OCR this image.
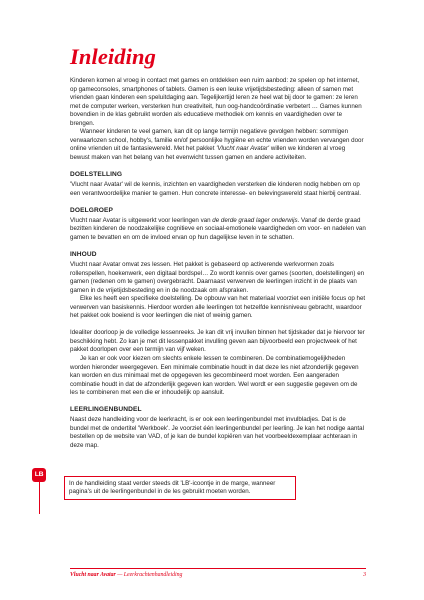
Inleiding

Kinderen komen al vroeg in contact met games en ontdekken een ruim aanbod: ze spelen op het internet, op gameconsoles, smartphones of tablets. Gamen is een leuke vrijetijdsbesteding: alleen of samen met vrienden gaan kinderen een speluitdaging aan. Tegelijkertijd leren ze heel wat bij door te gamen: ze leren met de computer werken, versterken hun creativiteit, hun oog-handcoördinatie verbetert … Games kunnen bovendien in de klas gebruikt worden als educatieve methodiek om kennis en vaardigheden over te brengen.

Wanneer kinderen te veel gamen, kan dit op lange termijn negatieve gevolgen hebben: sommigen verwaarlozen school, hobby's, familie en/of persoonlijke hygiëne en echte vrienden worden vervangen door online vrienden uit de fantasiewereld. Met het pakket 'Vlucht naar Avatar' willen we kinderen al vroeg bewust maken van het belang van het evenwicht tussen gamen en andere activiteiten.

DOELSTELLING

'Vlucht naar Avatar' wil de kennis, inzichten en vaardigheden versterken die kinderen nodig hebben om op een verantwoordelijke manier te gamen. Hun concrete interesse- en belevingswereld staat hierbij centraal.

DOELGROEP

Vlucht naar Avatar is uitgewerkt voor leerlingen van de derde graad lager onderwijs. Vanaf de derde graad bezitten kinderen de noodzakelijke cognitieve en sociaal-emotionele vaardigheden om voor- en nadelen van gamen te bevatten en om de invloed ervan op hun dagelijkse leven in te schatten.

INHOUD

Vlucht naar Avatar omvat zes lessen. Het pakket is gebaseerd op activerende werkvormen zoals rollenspellen, hoekenwerk, een digitaal bordspel… Zo wordt kennis over games (soorten, doelstellingen) en gamen (redenen om te gamen) overgebracht. Daarnaast verwerven de leerlingen inzicht in de plaats van gamen in de vrijetijdsbesteding en in de noodzaak om afspraken.

Elke les heeft een specifieke doelstelling. De opbouw van het materiaal voorziet een initiële focus op het verwerven van basiskennis. Hierdoor worden alle leerlingen tot hetzelfde kennisniveau gebracht, waardoor het pakket ook boeiend is voor leerlingen die niet of weinig gamen.

Idealiter doorloop je de volledige lessenreeks. Je kan dit vrij invullen binnen het tijdskader dat je hiervoor ter beschikking hebt. Zo kan je met dit lessenpakket invulling geven aan bijvoorbeeld een projectweek of het pakket doorlopen over een termijn van vijf weken.

Je kan er ook voor kiezen om slechts enkele lessen te combineren. De combinatiemogelijkheden worden hieronder weergegeven. Een minimale combinatie houdt in dat deze les niet afzonderlijk gegeven kan worden en dus minimaal met de opgegeven les gecombineerd moet worden. Een aangeraden combinatie houdt in dat de afzonderlijk gegeven kan worden. Wel wordt er een suggestie gegeven om de les te combineren met een die er inhoudelijk op aansluit.

LEERLINGENBUNDEL

Naast deze handleiding voor de leerkracht, is er ook een leerlingenbundel met invulbladjes. Dat is de bundel met de ondertitel 'Werkboek'. Je voorziet één leerlingenbundel per leerling. Je kan het nodige aantal bestellen op de website van VAD, of je kan de bundel kopiëren van het voorbeeldexemplaar achteraan in deze map.

LB

In de handleiding staat verder steeds dit 'LB'-icoontje in de marge, wanneer pagina's uit de leerlingenbundel in de les gebruikt moeten worden.

Vlucht naar Avatar — Leerkrachtenhandleiding	3
